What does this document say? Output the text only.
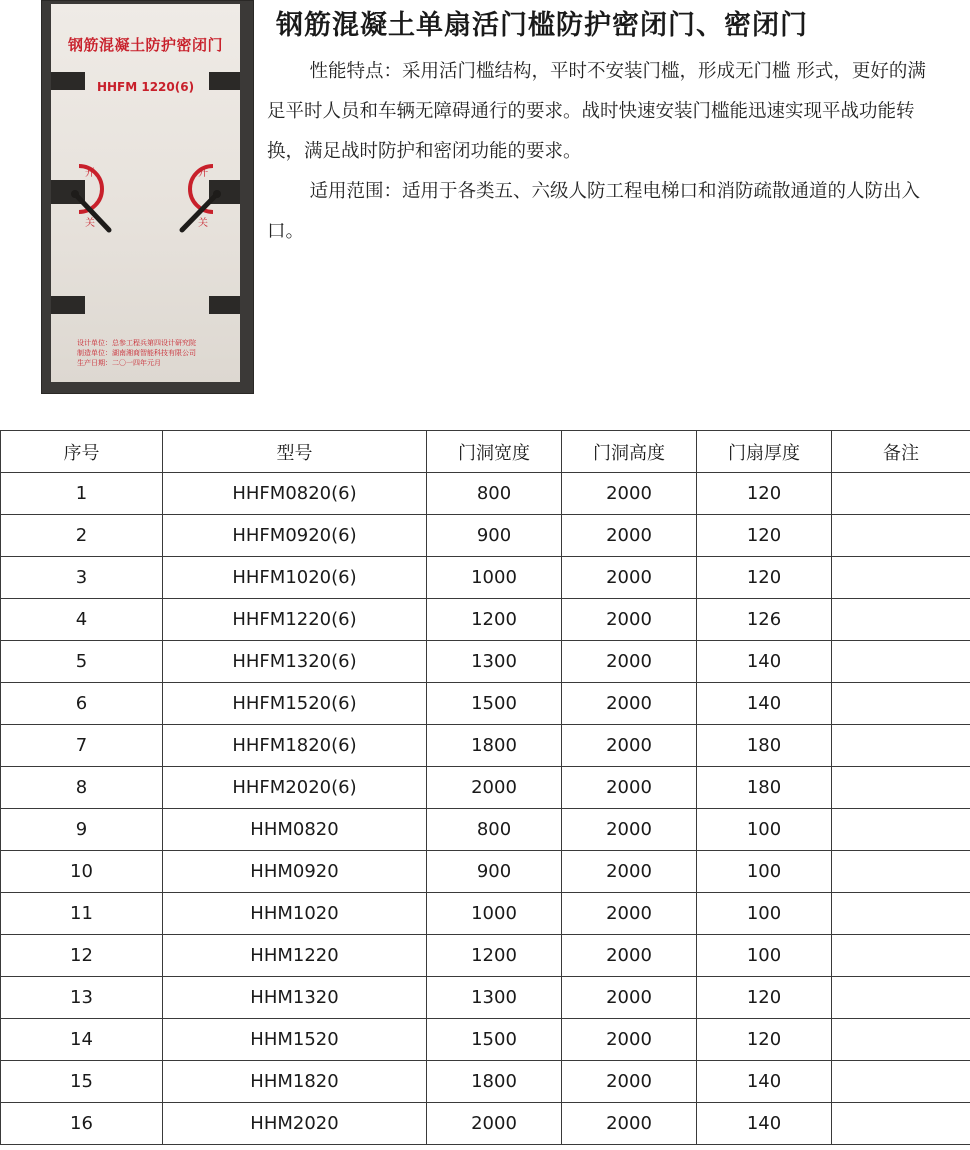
开
关
开
关
钢筋混凝土防护密闭门
HHFM 1220(6)
设计单位：总参工程兵第四设计研究院
制造单位：湖南湘商智能科技有限公司
生产日期：二〇一四年元月
钢筋混凝土单扇活门槛防护密闭门、密闭门

性能特点：采用活门槛结构，平时不安装门槛，形成无门槛 形式，更好的满足平时人员和车辆无障碍通行的要求。战时快速安装门槛能迅速实现平战功能转换，满足战时防护和密闭功能的要求。

适用范围：适用于各类五、六级人防工程电梯口和消防疏散通道的人防出入口。

序号	型号	门洞宽度	门洞高度	门扇厚度	备注
1	HHFM0820(6)	800	2000	120	
2	HHFM0920(6)	900	2000	120	
3	HHFM1020(6)	1000	2000	120	
4	HHFM1220(6)	1200	2000	126	
5	HHFM1320(6)	1300	2000	140	
6	HHFM1520(6)	1500	2000	140	
7	HHFM1820(6)	1800	2000	180	
8	HHFM2020(6)	2000	2000	180	
9	HHM0820	800	2000	100	
10	HHM0920	900	2000	100	
11	HHM1020	1000	2000	100	
12	HHM1220	1200	2000	100	
13	HHM1320	1300	2000	120	
14	HHM1520	1500	2000	120	
15	HHM1820	1800	2000	140	
16	HHM2020	2000	2000	140	
